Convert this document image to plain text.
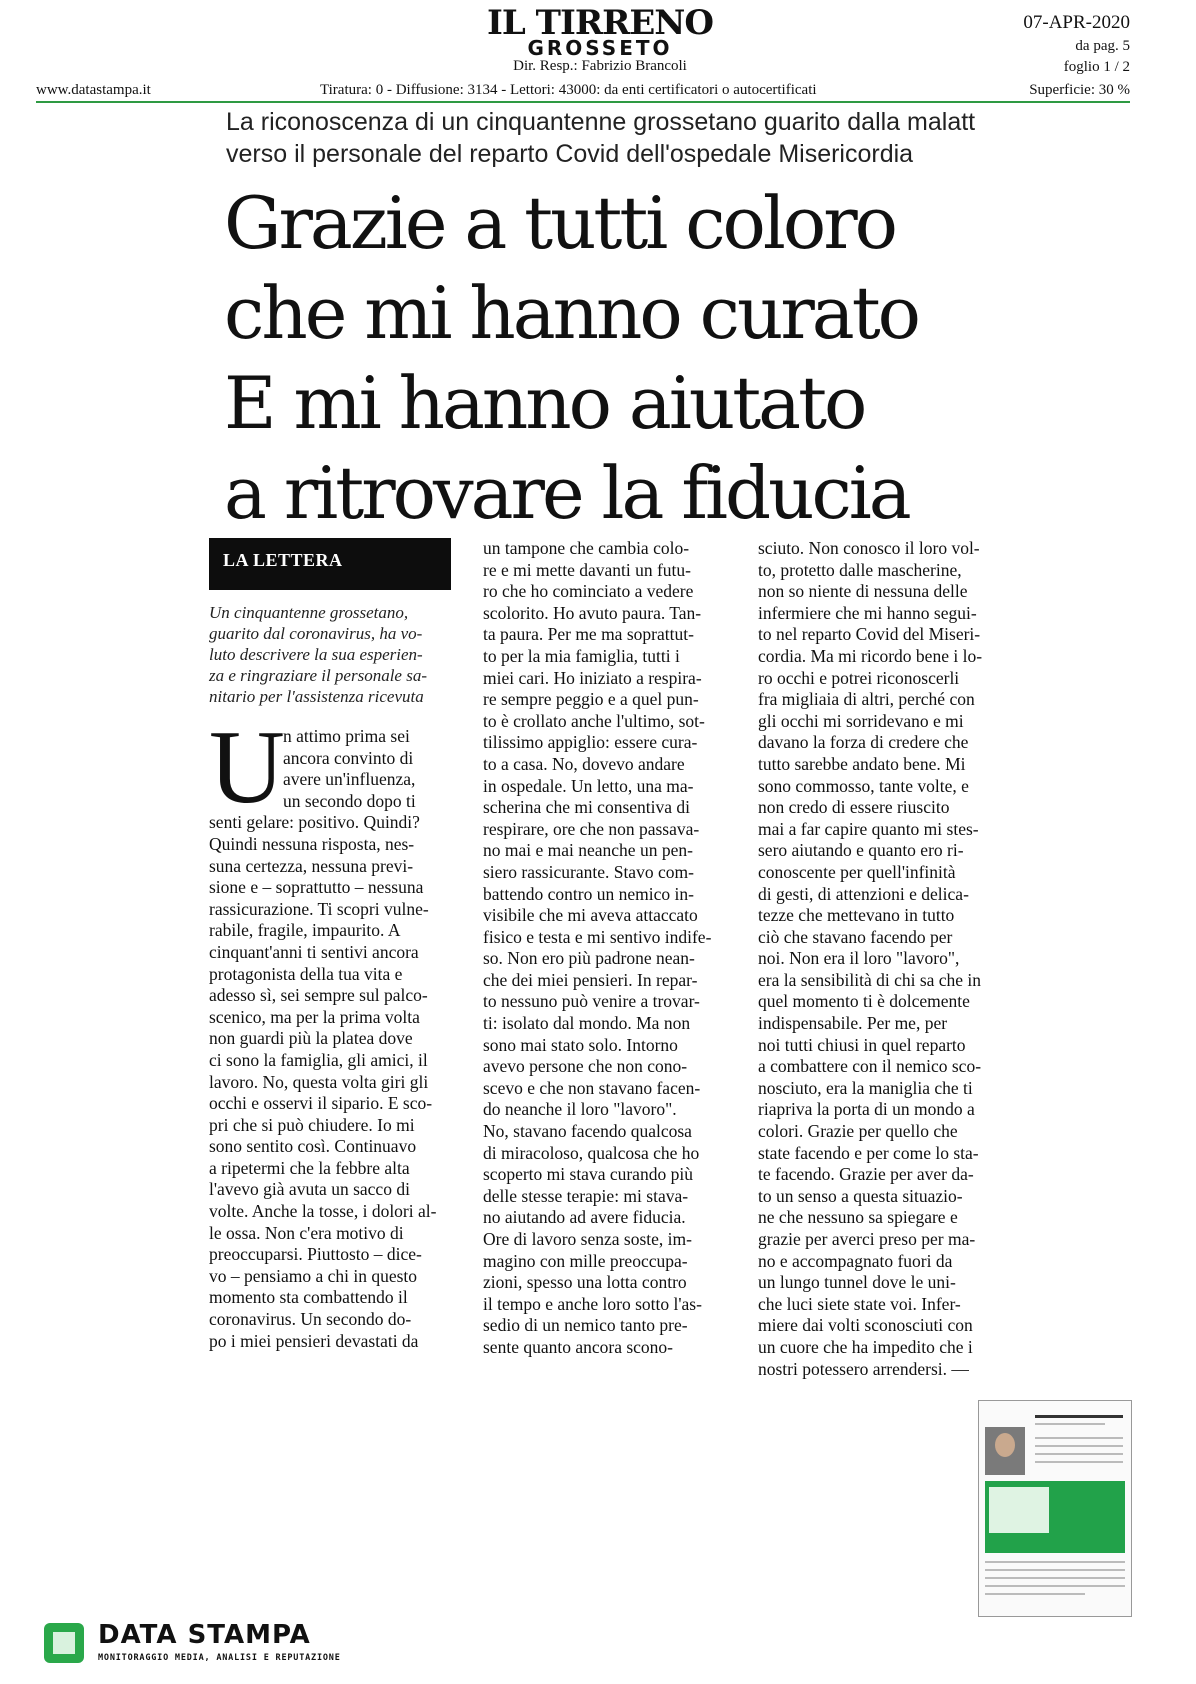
IL TIRRENO
GROSSETO
Dir. Resp.: Fabrizio Brancoli
07-APR-2020
da pag. 5
foglio 1 / 2
www.datastampa.it	Tiratura: 0 - Diffusione: 3134 - Lettori: 43000: da enti certificatori o autocertificati	Superficie: 30 %
La riconoscenza di un cinquantenne grossetano guarito dalla malatt
verso il personale del reparto Covid dell'ospedale Misericordia
Grazie a tutti coloro
che mi hanno curato
E mi hanno aiutato
a ritrovare la fiducia
LA LETTERA
Un cinquantenne grossetano,
guarito dal coronavirus, ha vo-
luto descrivere la sua esperien-
za e ringraziare il personale sa-
nitario per l'assistenza ricevuta
U
n attimo prima sei
ancora convinto di
avere un'influenza,
un secondo dopo ti
senti gelare: positivo. Quindi?
Quindi nessuna risposta, nes-
suna certezza, nessuna previ-
sione e – soprattutto – nessuna
rassicurazione. Ti scopri vulne-
rabile, fragile, impaurito. A
cinquant'anni ti sentivi ancora
protagonista della tua vita e
adesso sì, sei sempre sul palco-
scenico, ma per la prima volta
non guardi più la platea dove
ci sono la famiglia, gli amici, il
lavoro. No, questa volta giri gli
occhi e osservi il sipario. E sco-
pri che si può chiudere. Io mi
sono sentito così. Continuavo
a ripetermi che la febbre alta
l'avevo già avuta un sacco di
volte. Anche la tosse, i dolori al-
le ossa. Non c'era motivo di
preoccuparsi. Piuttosto – dice-
vo – pensiamo a chi in questo
momento sta combattendo il
coronavirus. Un secondo do-
po i miei pensieri devastati da
un tampone che cambia colo-
re e mi mette davanti un futu-
ro che ho cominciato a vedere
scolorito. Ho avuto paura. Tan-
ta paura. Per me ma soprattut-
to per la mia famiglia, tutti i
miei cari. Ho iniziato a respira-
re sempre peggio e a quel pun-
to è crollato anche l'ultimo, sot-
tilissimo appiglio: essere cura-
to a casa. No, dovevo andare
in ospedale. Un letto, una ma-
scherina che mi consentiva di
respirare, ore che non passava-
no mai e mai neanche un pen-
siero rassicurante. Stavo com-
battendo contro un nemico in-
visibile che mi aveva attaccato
fisico e testa e mi sentivo indife-
so. Non ero più padrone nean-
che dei miei pensieri. In repar-
to nessuno può venire a trovar-
ti: isolato dal mondo. Ma non
sono mai stato solo. Intorno
avevo persone che non cono-
scevo e che non stavano facen-
do neanche il loro "lavoro".
No, stavano facendo qualcosa
di miracoloso, qualcosa che ho
scoperto mi stava curando più
delle stesse terapie: mi stava-
no aiutando ad avere fiducia.
Ore di lavoro senza soste, im-
magino con mille preoccupa-
zioni, spesso una lotta contro
il tempo e anche loro sotto l'as-
sedio di un nemico tanto pre-
sente quanto ancora scono-
sciuto. Non conosco il loro vol-
to, protetto dalle mascherine,
non so niente di nessuna delle
infermiere che mi hanno segui-
to nel reparto Covid del Miseri-
cordia. Ma mi ricordo bene i lo-
ro occhi e potrei riconoscerli
fra migliaia di altri, perché con
gli occhi mi sorridevano e mi
davano la forza di credere che
tutto sarebbe andato bene. Mi
sono commosso, tante volte, e
non credo di essere riuscito
mai a far capire quanto mi stes-
sero aiutando e quanto ero ri-
conoscente per quell'infinità
di gesti, di attenzioni e delica-
tezze che mettevano in tutto
ciò che stavano facendo per
noi. Non era il loro "lavoro",
era la sensibilità di chi sa che in
quel momento ti è dolcemente
indispensabile. Per me, per
noi tutti chiusi in quel reparto
a combattere con il nemico sco-
nosciuto, era la maniglia che ti
riapriva la porta di un mondo a
colori. Grazie per quello che
state facendo e per come lo sta-
te facendo. Grazie per aver da-
to un senso a questa situazio-
ne che nessuno sa spiegare e
grazie per averci preso per ma-
no e accompagnato fuori da
un lungo tunnel dove le uni-
che luci siete state voi. Infer-
miere dai volti sconosciuti con
un cuore che ha impedito che i
nostri potessero arrendersi. —
DATA STAMPA
MONITORAGGIO MEDIA, ANALISI E REPUTAZIONE
